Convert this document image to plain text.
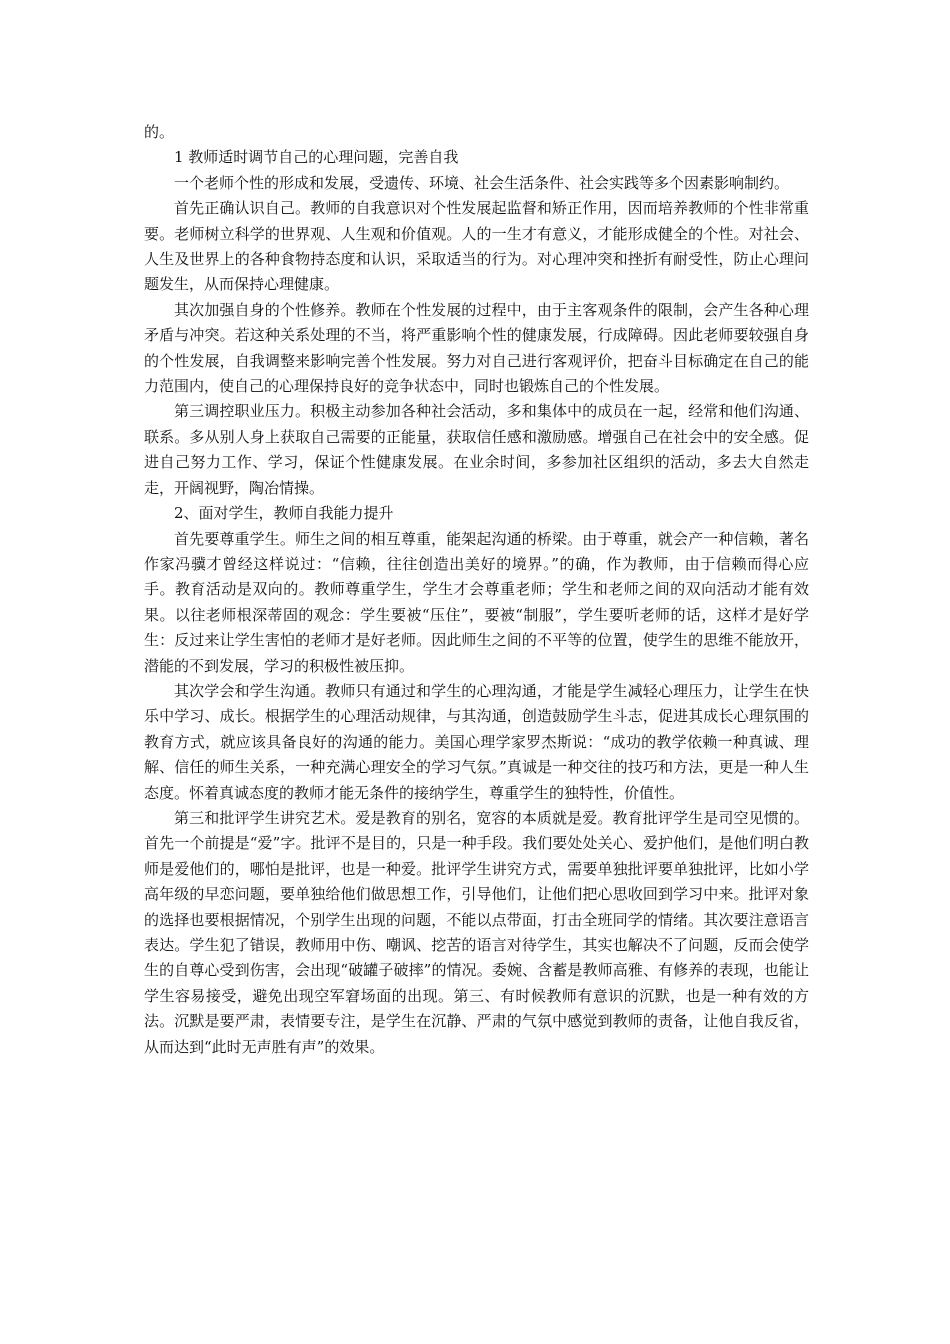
的。

1 教师适时调节自己的心理问题，完善自我

一个老师个性的形成和发展，受遗传、环境、社会生活条件、社会实践等多个因素影响制约。

首先正确认识自己。教师的自我意识对个性发展起监督和矫正作用，因而培养教师的个性非常重要。老师树立科学的世界观、人生观和价值观。人的一生才有意义，才能形成健全的个性。对社会、人生及世界上的各种食物持态度和认识，采取适当的行为。对心理冲突和挫折有耐受性，防止心理问题发生，从而保持心理健康。

其次加强自身的个性修养。教师在个性发展的过程中，由于主客观条件的限制，会产生各种心理矛盾与冲突。若这种关系处理的不当，将严重影响个性的健康发展，行成障碍。因此老师要较强自身的个性发展，自我调整来影响完善个性发展。努力对自己进行客观评价，把奋斗目标确定在自己的能力范围内，使自己的心理保持良好的竞争状态中，同时也锻炼自己的个性发展。

第三调控职业压力。积极主动参加各种社会活动，多和集体中的成员在一起，经常和他们沟通、联系。多从别人身上获取自己需要的正能量，获取信任感和激励感。增强自己在社会中的安全感。促进自己努力工作、学习，保证个性健康发展。在业余时间，多参加社区组织的活动，多去大自然走走，开阔视野，陶冶情操。

2、面对学生，教师自我能力提升

首先要尊重学生。师生之间的相互尊重，能架起沟通的桥梁。由于尊重，就会产一种信赖，著名作家冯骥才曾经这样说过：“信赖，往往创造出美好的境界。”的确，作为教师，由于信赖而得心应手。教育活动是双向的。教师尊重学生，学生才会尊重老师；学生和老师之间的双向活动才能有效果。以往老师根深蒂固的观念：学生要被“压住”，要被“制服”，学生要听老师的话，这样才是好学生：反过来让学生害怕的老师才是好老师。因此师生之间的不平等的位置，使学生的思维不能放开，潜能的不到发展，学习的积极性被压抑。

其次学会和学生沟通。教师只有通过和学生的心理沟通，才能是学生减轻心理压力，让学生在快乐中学习、成长。根据学生的心理活动规律，与其沟通，创造鼓励学生斗志，促进其成长心理氛围的教育方式，就应该具备良好的沟通的能力。美国心理学家罗杰斯说：“成功的教学依赖一种真诚、理解、信任的师生关系，一种充满心理安全的学习气氛。”真诚是一种交往的技巧和方法，更是一种人生态度。怀着真诚态度的教师才能无条件的接纳学生，尊重学生的独特性，价值性。

第三和批评学生讲究艺术。爱是教育的别名，宽容的本质就是爱。教育批评学生是司空见惯的。首先一个前提是“爱”字。批评不是目的，只是一种手段。我们要处处关心、爱护他们，是他们明白教师是爱他们的，哪怕是批评，也是一种爱。批评学生讲究方式，需要单独批评要单独批评，比如小学高年级的早恋问题，要单独给他们做思想工作，引导他们，让他们把心思收回到学习中来。批评对象的选择也要根据情况，个别学生出现的问题，不能以点带面，打击全班同学的情绪。其次要注意语言表达。学生犯了错误，教师用中伤、嘲讽、挖苦的语言对待学生，其实也解决不了问题，反而会使学生的自尊心受到伤害，会出现“破罐子破摔”的情况。委婉、含蓄是教师高雅、有修养的表现，也能让学生容易接受，避免出现空军窘场面的出现。第三、有时候教师有意识的沉默，也是一种有效的方法。沉默是要严肃，表情要专注，是学生在沉静、严肃的气氛中感觉到教师的责备，让他自我反省，从而达到“此时无声胜有声”的效果。
